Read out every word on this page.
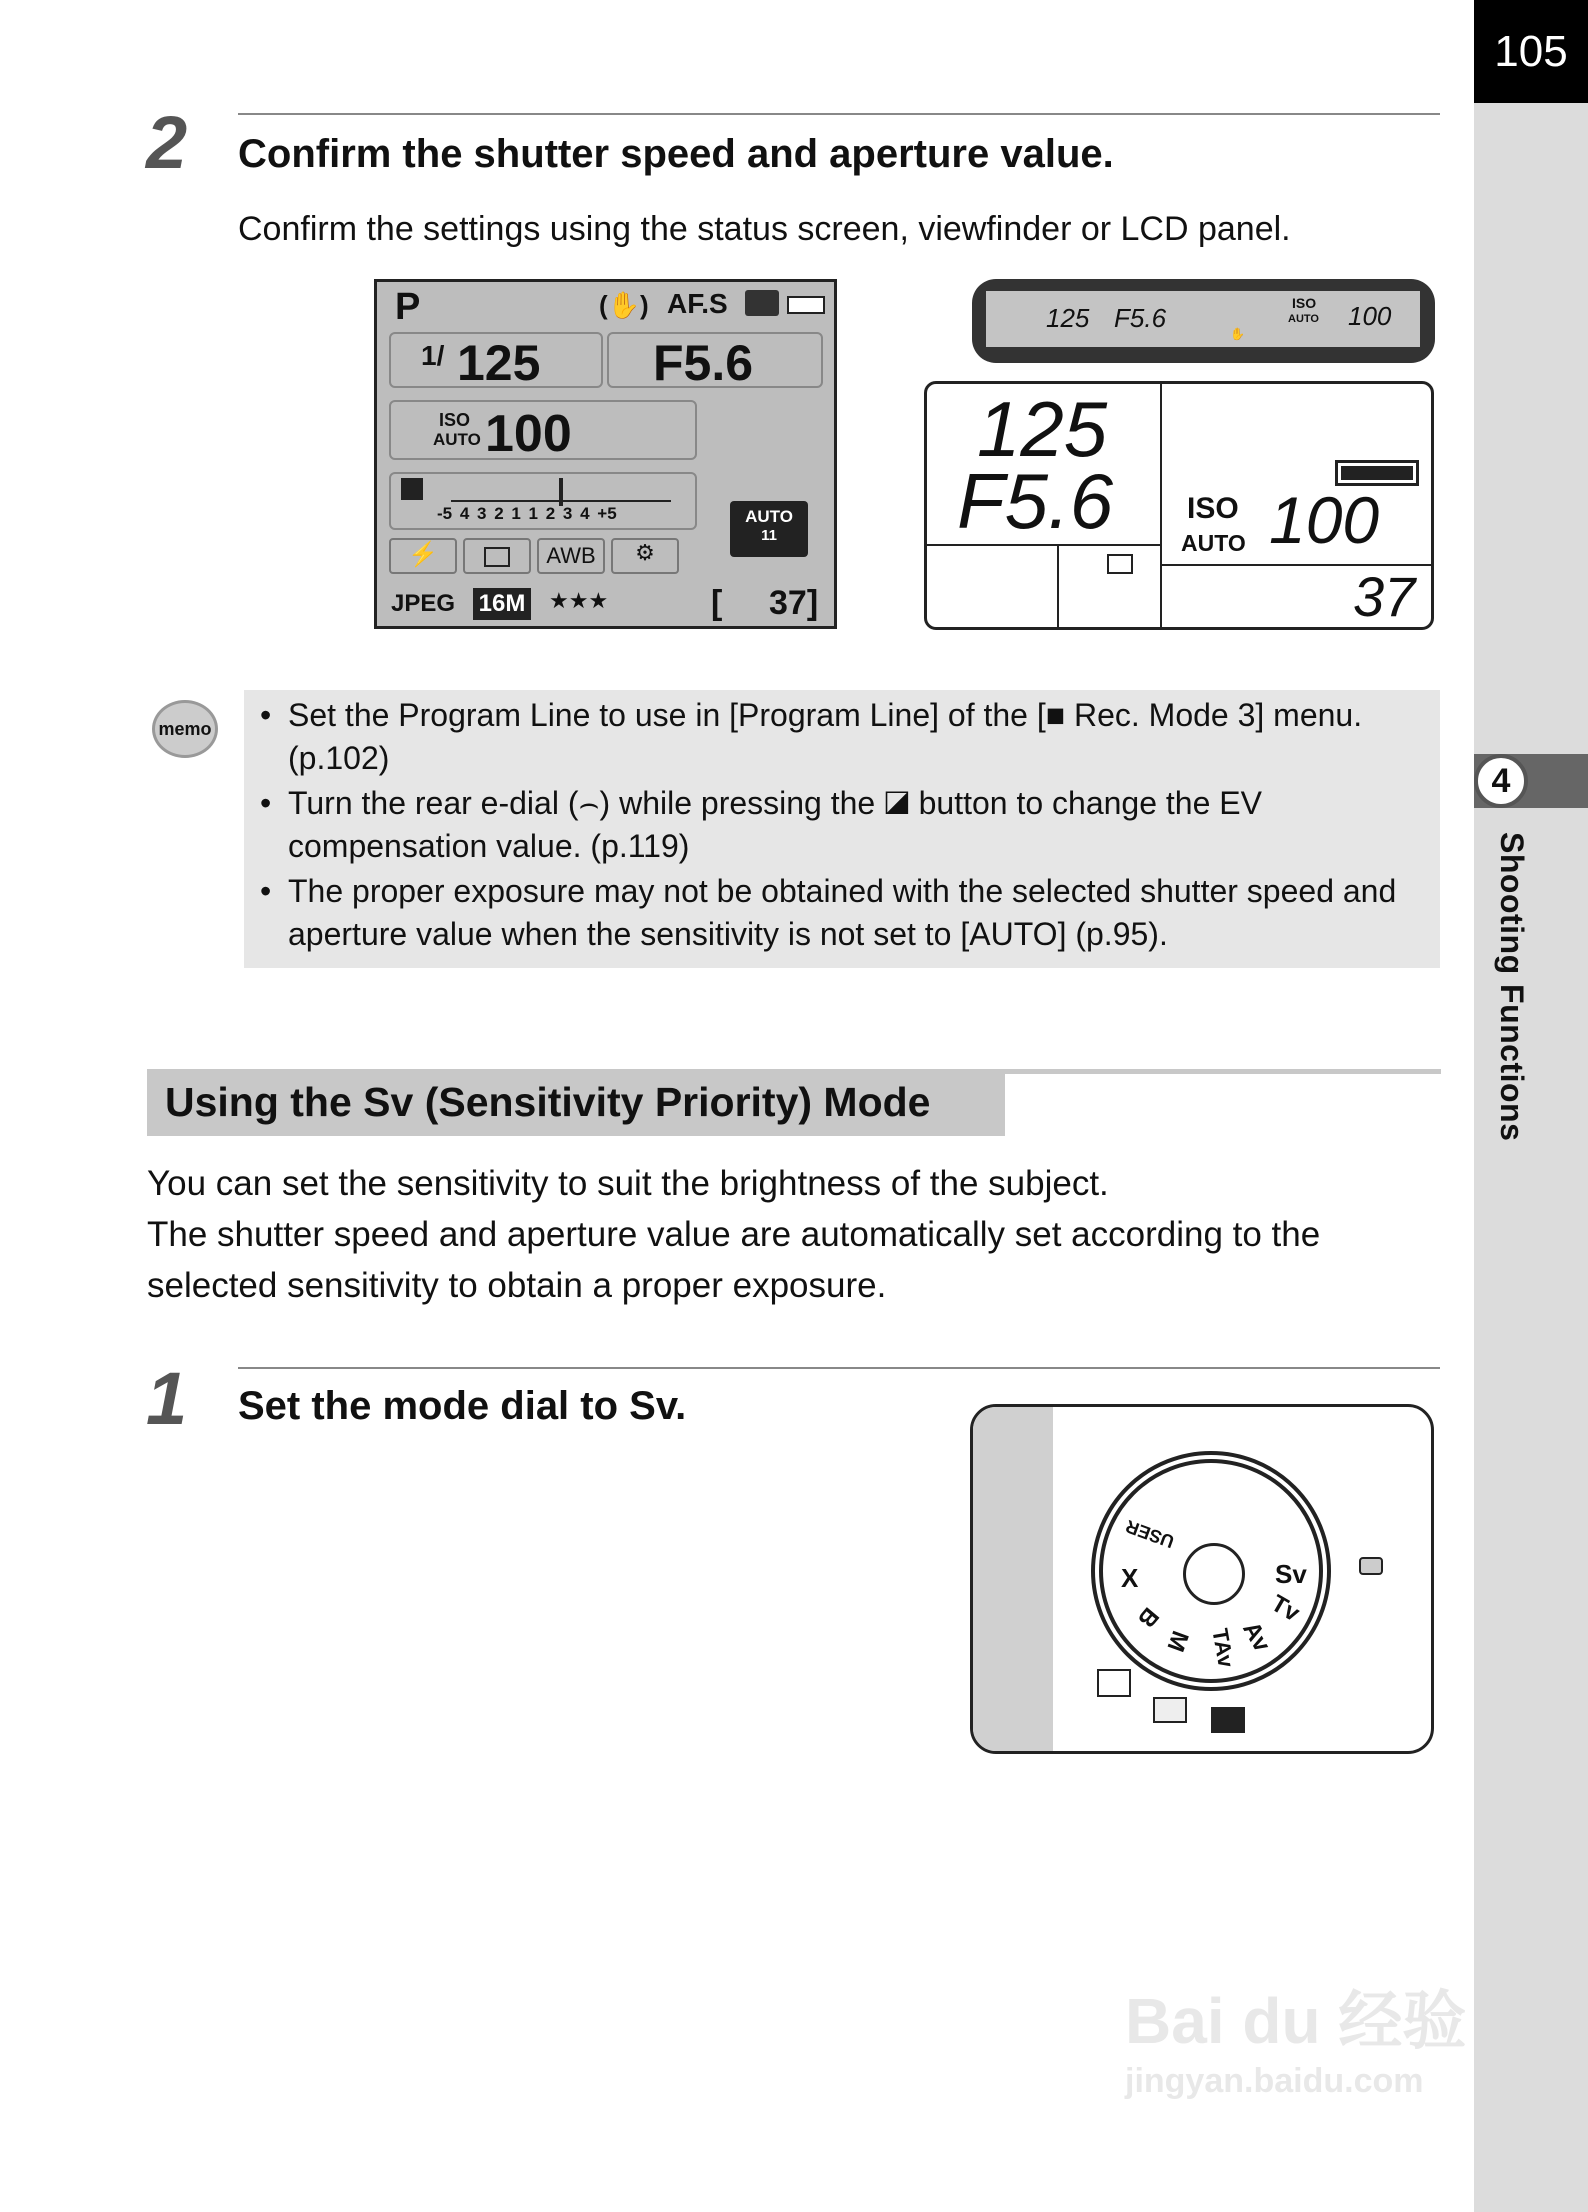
105
4
Shooting Functions
2 Confirm the shutter speed and aperture value.
Confirm the settings using the status screen, viewfinder or LCD panel.
P	(✋) AF.S
1/ 125 F5.6
ISO
AUTO 100
-5 4 3 2 1 1 2 3 4 +5	AUTO
11
⚡	AWB	⚙
JPEG 16M ★★★	[ 37]
125 F5.6
✋
ISO
AUTO 100
125
F5.6 ISO
AUTO 100
37
memo
•	Set the Program Line to use in [Program Line] of the [■ Rec. Mode 3] menu. (p.102)
• Turn the rear e-dial (⌢) while pressing the ◪ button to change the EV compensation value. (p.119)
• The proper exposure may not be obtained with the selected shutter speed and aperture value when the sensitivity is not set to [AUTO] (p.95).
Using the Sv (Sensitivity Priority) Mode
You can set the sensitivity to suit the brightness of the subject.
The shutter speed and aperture value are automatically set according to the selected sensitivity to obtain a proper exposure.
1 Set the mode dial to Sv.
Sv
Tv
Av
TAv
M
B
X
USER
Bai du 经验
jingyan.baidu.com
